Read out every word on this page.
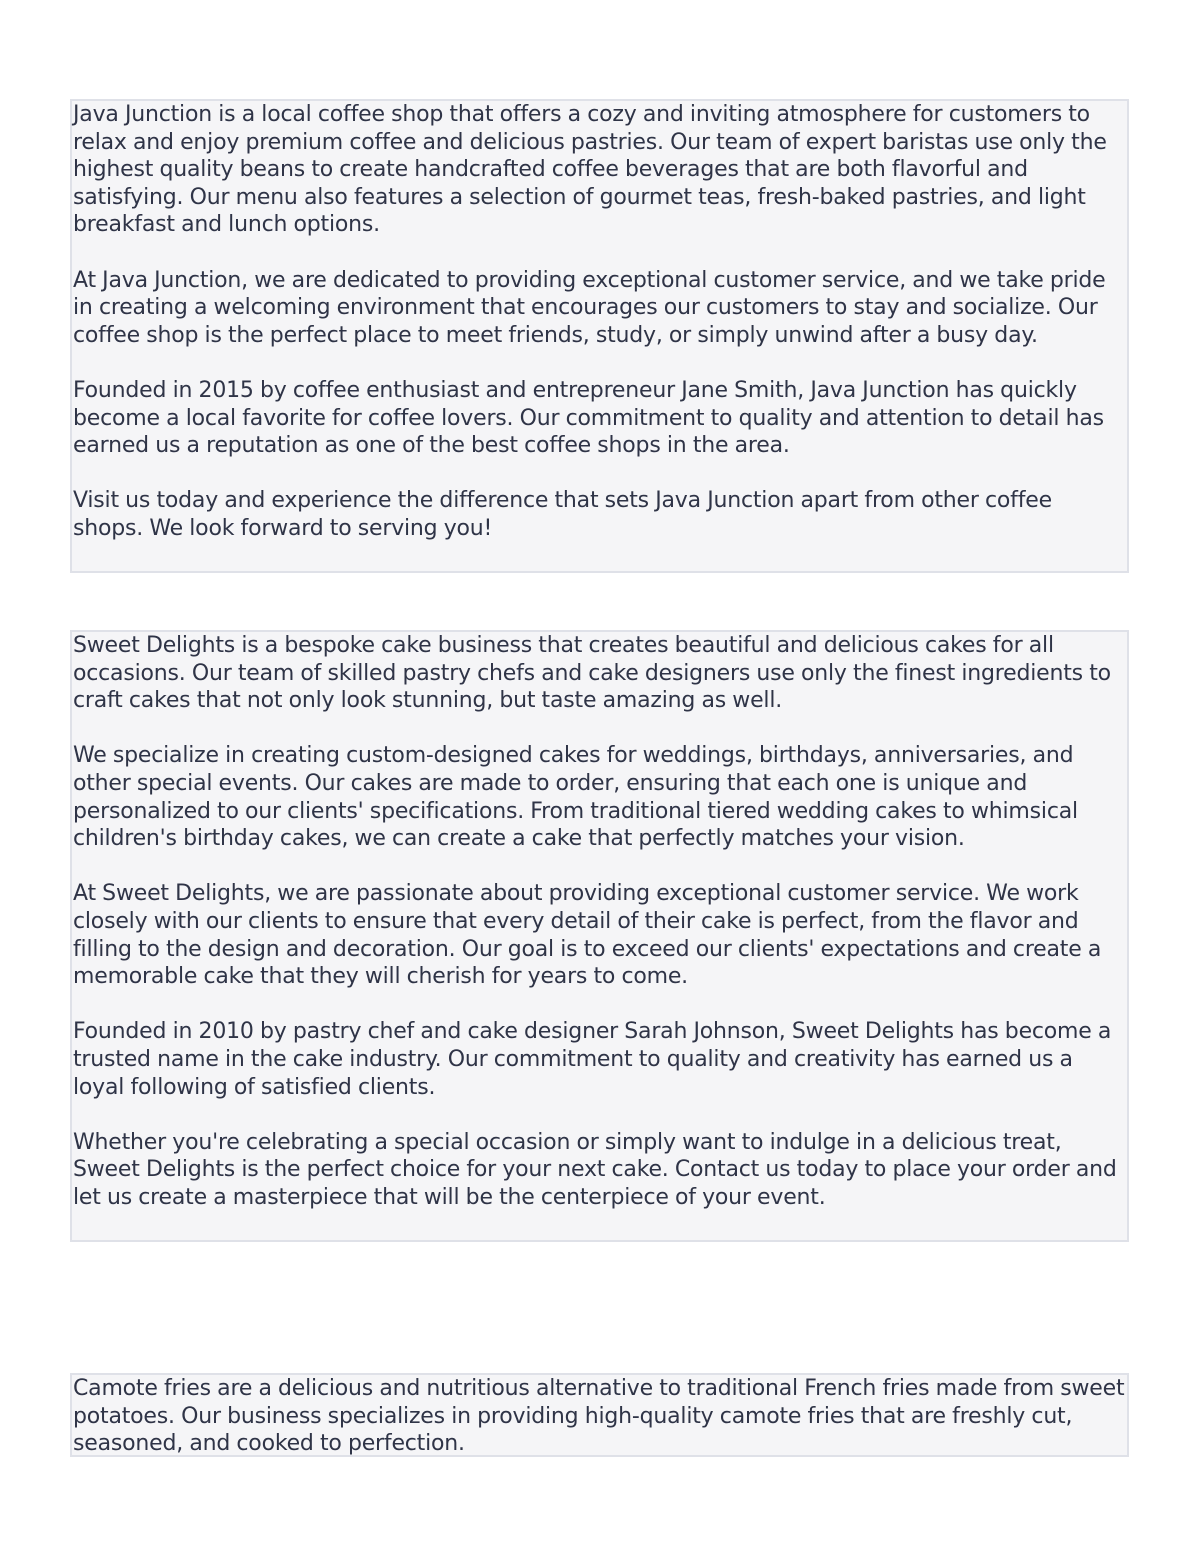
Java Junction is a local coffee shop that offers a cozy and inviting atmosphere for customers to relax and enjoy premium coffee and delicious pastries. Our team of expert baristas use only the highest quality beans to create handcrafted coffee beverages that are both flavorful and satisfying. Our menu also features a selection of gourmet teas, fresh-baked pastries, and light breakfast and lunch options.

At Java Junction, we are dedicated to providing exceptional customer service, and we take pride in creating a welcoming environment that encourages our customers to stay and socialize. Our coffee shop is the perfect place to meet friends, study, or simply unwind after a busy day.

Founded in 2015 by coffee enthusiast and entrepreneur Jane Smith, Java Junction has quickly become a local favorite for coffee lovers. Our commitment to quality and attention to detail has earned us a reputation as one of the best coffee shops in the area.

Visit us today and experience the difference that sets Java Junction apart from other coffee shops. We look forward to serving you!

Sweet Delights is a bespoke cake business that creates beautiful and delicious cakes for all occasions. Our team of skilled pastry chefs and cake designers use only the finest ingredients to craft cakes that not only look stunning, but taste amazing as well.

We specialize in creating custom-designed cakes for weddings, birthdays, anniversaries, and other special events. Our cakes are made to order, ensuring that each one is unique and personalized to our clients' specifications. From traditional tiered wedding cakes to whimsical children's birthday cakes, we can create a cake that perfectly matches your vision.

At Sweet Delights, we are passionate about providing exceptional customer service. We work closely with our clients to ensure that every detail of their cake is perfect, from the flavor and filling to the design and decoration. Our goal is to exceed our clients' expectations and create a memorable cake that they will cherish for years to come.

Founded in 2010 by pastry chef and cake designer Sarah Johnson, Sweet Delights has become a trusted name in the cake industry. Our commitment to quality and creativity has earned us a loyal following of satisfied clients.

Whether you're celebrating a special occasion or simply want to indulge in a delicious treat, Sweet Delights is the perfect choice for your next cake. Contact us today to place your order and let us create a masterpiece that will be the centerpiece of your event.

Camote fries are a delicious and nutritious alternative to traditional French fries made from sweet potatoes. Our business specializes in providing high-quality camote fries that are freshly cut, seasoned, and cooked to perfection.
